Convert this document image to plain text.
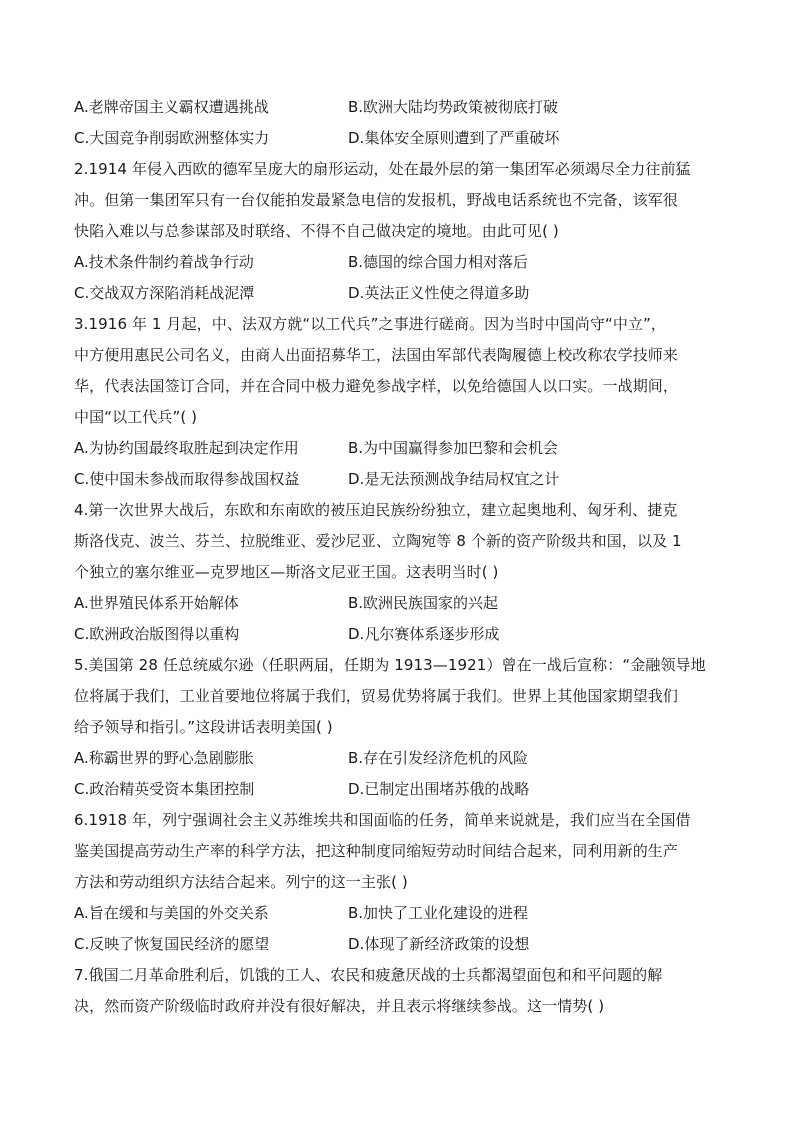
A.老牌帝国主义霸权遭遇挑战	B.欧洲大陆均势政策被彻底打破
C.大国竞争削弱欧洲整体实力	D.集体安全原则遭到了严重破坏
2.1914 年侵入西欧的德军呈庞大的扇形运动，处在最外层的第一集团军必须竭尽全力往前猛
冲。但第一集团军只有一台仅能拍发最紧急电信的发报机，野战电话系统也不完备，该军很
快陷入难以与总参谋部及时联络、不得不自己做决定的境地。由此可见( )
A.技术条件制约着战争行动	B.德国的综合国力相对落后
C.交战双方深陷消耗战泥潭	D.英法正义性使之得道多助
3.1916 年 1 月起，中、法双方就“以工代兵”之事进行磋商。因为当时中国尚守“中立”，
中方便用惠民公司名义，由商人出面招募华工，法国由军部代表陶履德上校改称农学技师来
华，代表法国签订合同，并在合同中极力避免参战字样，以免给德国人以口实。一战期间，
中国“以工代兵”( )
A.为协约国最终取胜起到决定作用	B.为中国赢得参加巴黎和会机会
C.使中国未参战而取得参战国权益	D.是无法预测战争结局权宜之计
4.第一次世界大战后，东欧和东南欧的被压迫民族纷纷独立，建立起奥地利、匈牙利、捷克
斯洛伐克、波兰、芬兰、拉脱维亚、爱沙尼亚、立陶宛等 8 个新的资产阶级共和国，以及 1
个独立的塞尔维亚—克罗地区—斯洛文尼亚王国。这表明当时( )
A.世界殖民体系开始解体	B.欧洲民族国家的兴起
C.欧洲政治版图得以重构	D.凡尔赛体系逐步形成
5.美国第 28 任总统威尔逊（任职两届，任期为 1913—1921）曾在一战后宣称：“金融领导地
位将属于我们，工业首要地位将属于我们，贸易优势将属于我们。世界上其他国家期望我们
给予领导和指引。”这段讲话表明美国( )
A.称霸世界的野心急剧膨胀	B.存在引发经济危机的风险
C.政治精英受资本集团控制	D.已制定出围堵苏俄的战略
6.1918 年，列宁强调社会主义苏维埃共和国面临的任务，简单来说就是，我们应当在全国借
鉴美国提高劳动生产率的科学方法，把这种制度同缩短劳动时间结合起来，同利用新的生产
方法和劳动组织方法结合起来。列宁的这一主张( )
A.旨在缓和与美国的外交关系	B.加快了工业化建设的进程
C.反映了恢复国民经济的愿望	D.体现了新经济政策的设想
7.俄国二月革命胜利后，饥饿的工人、农民和疲惫厌战的士兵都渴望面包和和平问题的解
决，然而资产阶级临时政府并没有很好解决，并且表示将继续参战。这一情势( )
